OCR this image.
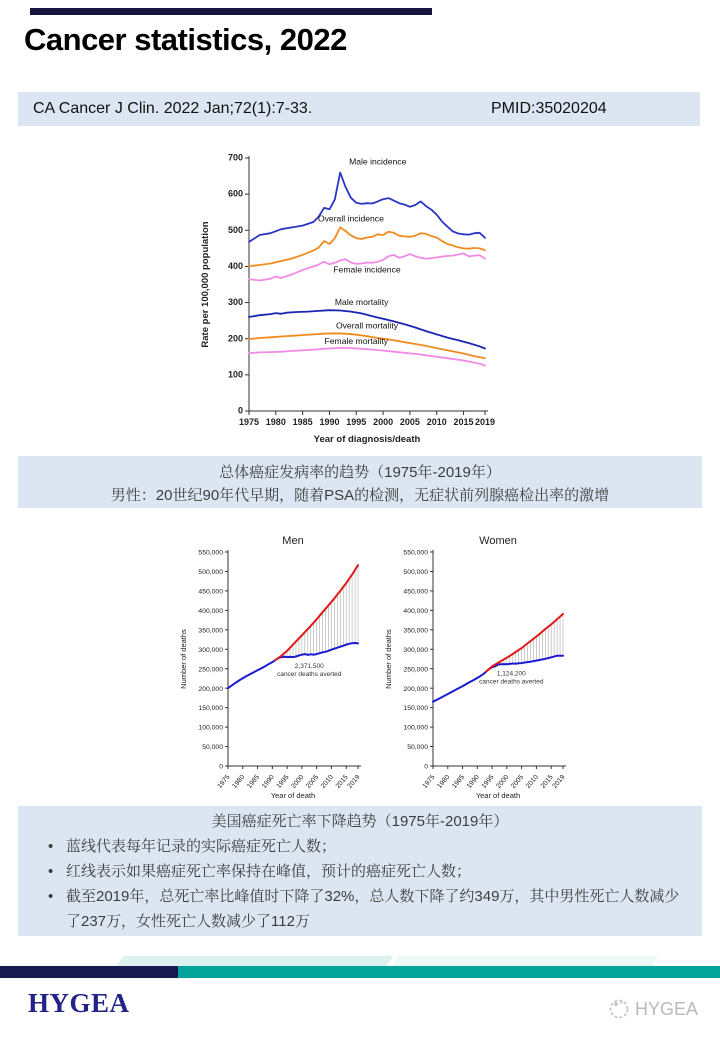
Cancer statistics, 2022
CA Cancer J Clin. 2022 Jan;72(1):7-33.	PMID:35020204
0
100
200
300
400
500
600
700
1975 1980 1985 1990 1995 2000 2005 2010 2015 2019
Male incidence
Overall incidence
Female incidence
Male mortality
Overall mortality
Female mortality
Year of diagnosis/death
Rate per 100,000 population
总体癌症发病率的趋势（1975年-2019年）
男性：20世纪90年代早期，随着PSA的检测，无症状前列腺癌检出率的激增
0
50,000
100,000
150,000
200,000
250,000
300,000
350,000
400,000
450,000
500,000
550,000
1975 1980 1985 1990 1995 2000 2005 2010 2015
2019
2,371,500
cancer deaths averted
Men
Year of death
Number of deaths
0
50,000
100,000
150,000
200,000
250,000
300,000
350,000
400,000
450,000
500,000
550,000
1975 1980 1985 1990 1995 2000 2005 2010 2015
2019
1,124,200
cancer deaths averted
Women
Year of death
Number of deaths
美国癌症死亡率下降趋势（1975年-2019年）
• 蓝线代表每年记录的实际癌症死亡人数；
• 红线表示如果癌症死亡率保持在峰值，预计的癌症死亡人数；
• 截至2019年，总死亡率比峰值时下降了32%，总人数下降了约349万，其中男性死亡人数减少了237万，女性死亡人数减少了112万
HYGEA	HYGEA
